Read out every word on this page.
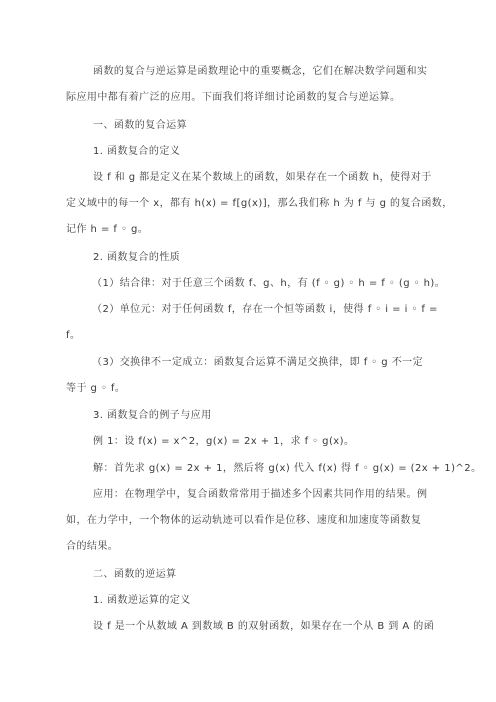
函数的复合与逆运算是函数理论中的重要概念，它们在解决数学问题和实
际应用中都有着广泛的应用。下面我们将详细讨论函数的复合与逆运算。
一、函数的复合运算
1. 函数复合的定义
设 f 和 g 都是定义在某个数域上的函数，如果存在一个函数 h，使得对于
定义域中的每一个 x，都有 h(x) = f[g(x)]，那么我们称 h 为 f 与 g 的复合函数，
记作 h = f ◦ g。
2. 函数复合的性质
（1）结合律：对于任意三个函数 f、g、h，有 (f ◦ g) ◦ h = f ◦ (g ◦ h)。
（2）单位元：对于任何函数 f，存在一个恒等函数 i，使得 f ◦ i = i ◦ f =
f。
（3）交换律不一定成立：函数复合运算不满足交换律，即 f ◦ g 不一定
等于 g ◦ f。
3. 函数复合的例子与应用
例 1：设 f(x) = x^2，g(x) = 2x + 1，求 f ◦ g(x)。
解：首先求 g(x) = 2x + 1，然后将 g(x) 代入 f(x) 得 f ◦ g(x) = (2x + 1)^2。
应用：在物理学中，复合函数常常用于描述多个因素共同作用的结果。例
如，在力学中，一个物体的运动轨迹可以看作是位移、速度和加速度等函数复
合的结果。
二、函数的逆运算
1. 函数逆运算的定义
设 f 是一个从数域 A 到数域 B 的双射函数，如果存在一个从 B 到 A 的函
